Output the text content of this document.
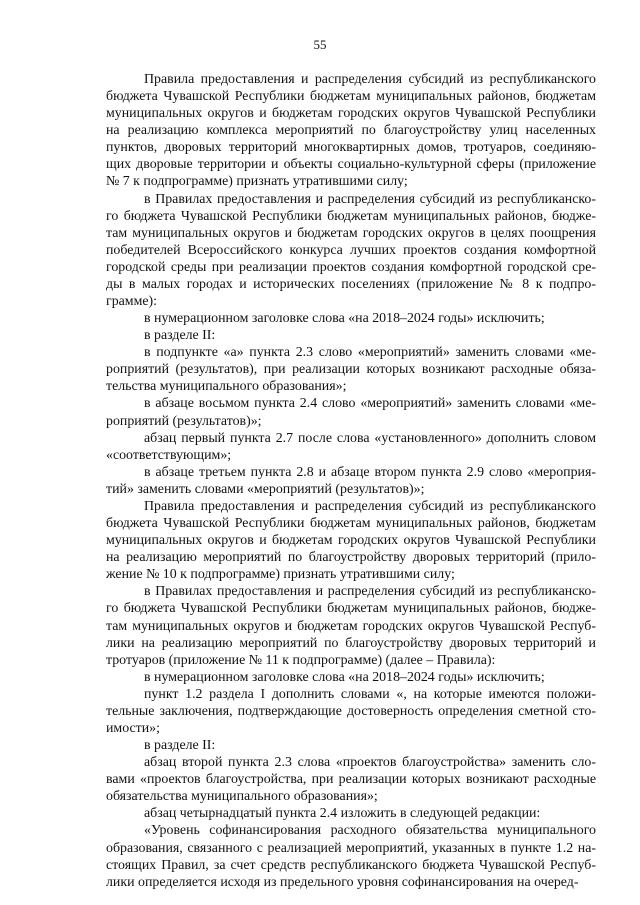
55
Правила предоставления и распределения субсидий из республиканского
бюджета Чувашской Республики бюджетам муниципальных районов, бюджетам
муниципальных округов и бюджетам городских округов Чувашской Республики
на реализацию комплекса мероприятий по благоустройству улиц населенных
пунктов, дворовых территорий многоквартирных домов, тротуаров, соединяю-
щих дворовые территории и объекты социально-культурной сферы (приложение
№ 7 к подпрограмме) признать утратившими силу;
в Правилах предоставления и распределения субсидий из республиканско-
го бюджета Чувашской Республики бюджетам муниципальных районов, бюдже-
там муниципальных округов и бюджетам городских округов в целях поощрения
победителей Всероссийского конкурса лучших проектов создания комфортной
городской среды при реализации проектов создания комфортной городской сре-
ды в малых городах и исторических поселениях (приложение № 8 к подпро-
грамме):
в нумерационном заголовке слова «на 2018–2024 годы» исключить;
в разделе II:
в подпункте «а» пункта 2.3 слово «мероприятий» заменить словами «ме-
роприятий (результатов), при реализации которых возникают расходные обяза-
тельства муниципального образования»;
в абзаце восьмом пункта 2.4 слово «мероприятий» заменить словами «ме-
роприятий (результатов)»;
абзац первый пункта 2.7 после слова «установленного» дополнить словом
«соответствующим»;
в абзаце третьем пункта 2.8 и абзаце втором пункта 2.9 слово «мероприя-
тий» заменить словами «мероприятий (результатов)»;
Правила предоставления и распределения субсидий из республиканского
бюджета Чувашской Республики бюджетам муниципальных районов, бюджетам
муниципальных округов и бюджетам городских округов Чувашской Республики
на реализацию мероприятий по благоустройству дворовых территорий (прило-
жение № 10 к подпрограмме) признать утратившими силу;
в Правилах предоставления и распределения субсидий из республиканско-
го бюджета Чувашской Республики бюджетам муниципальных районов, бюдже-
там муниципальных округов и бюджетам городских округов Чувашской Респуб-
лики на реализацию мероприятий по благоустройству дворовых территорий и
тротуаров (приложение № 11 к подпрограмме) (далее – Правила):
в нумерационном заголовке слова «на 2018–2024 годы» исключить;
пункт 1.2 раздела I дополнить словами «, на которые имеются положи-
тельные заключения, подтверждающие достоверность определения сметной сто-
имости»;
в разделе II:
абзац второй пункта 2.3 слова «проектов благоустройства» заменить сло-
вами «проектов благоустройства, при реализации которых возникают расходные
обязательства муниципального образования»;
абзац четырнадцатый пункта 2.4 изложить в следующей редакции:
«Уровень софинансирования расходного обязательства муниципального
образования, связанного с реализацией мероприятий, указанных в пункте 1.2 на-
стоящих Правил, за счет средств республиканского бюджета Чувашской Респуб-
лики определяется исходя из предельного уровня софинансирования на очеред-
